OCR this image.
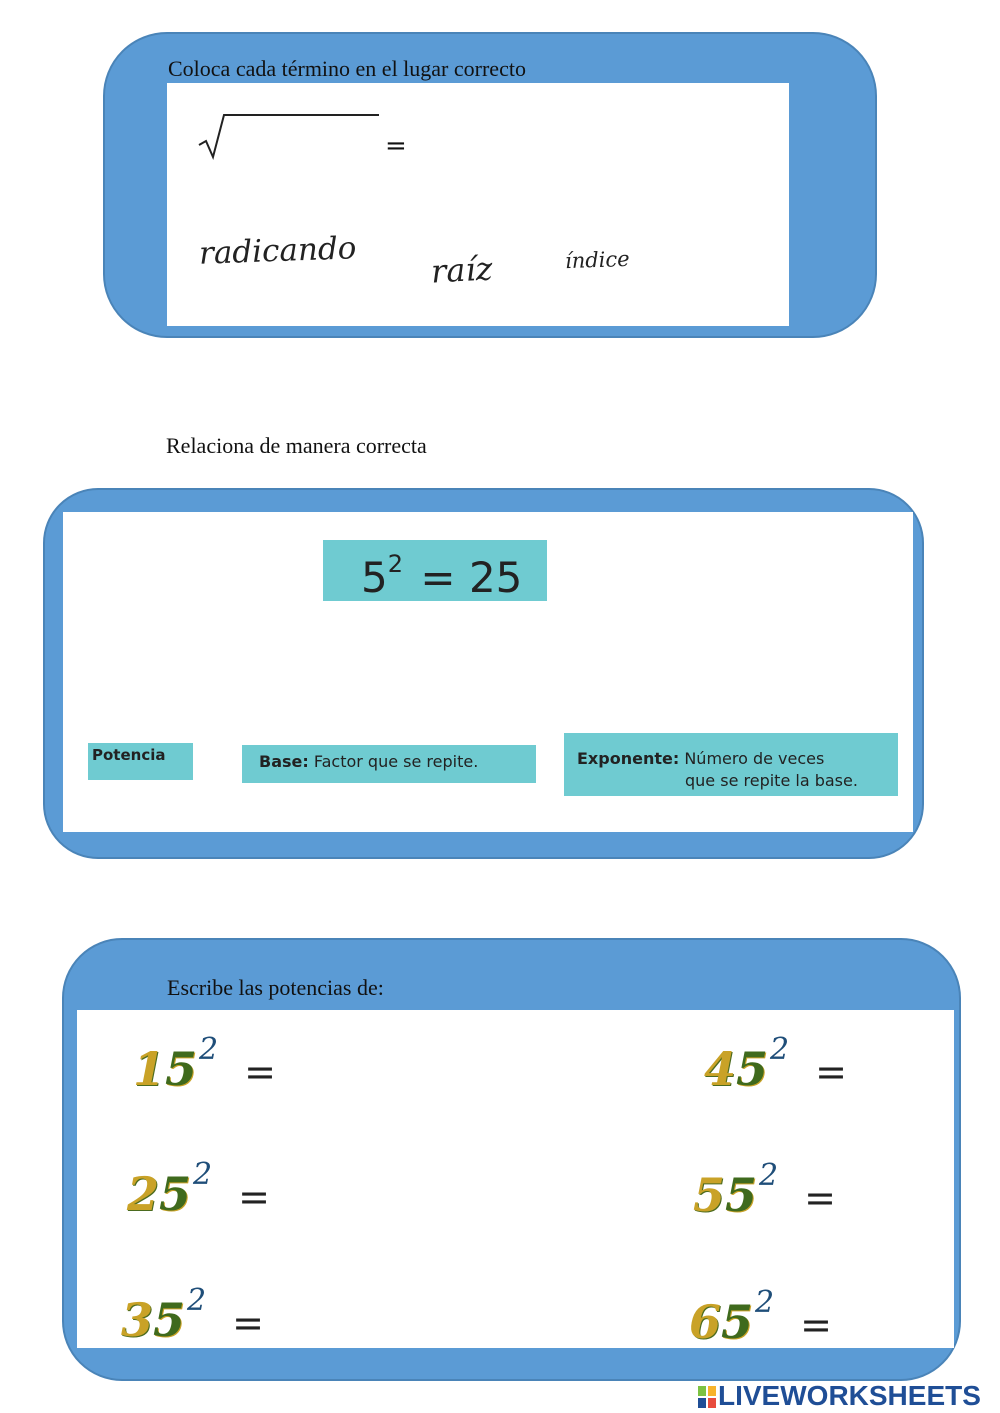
Coloca cada término en el lugar correcto
=
radicando raíz	índice
Relaciona de manera correcta
$5^2 = 25$
Potencia	Base: Factor que se repite.	Exponente: Número de veces
que se repite la base.
Escribe las potencias de:
$15^2=$	$45^2=$
$25^2=$	$55^2=$
$35^2=$	$65^2=$
LIVEWORKSHEETS
